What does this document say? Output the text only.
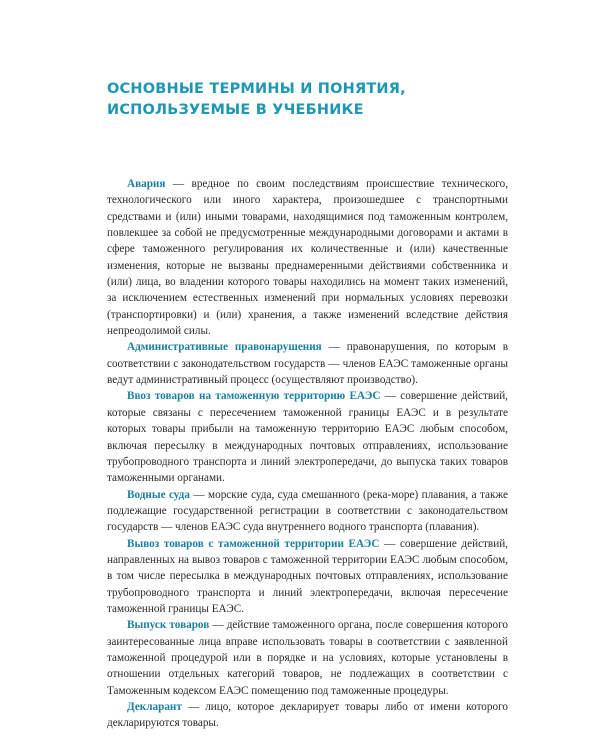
ОСНОВНЫЕ ТЕРМИНЫ И ПОНЯТИЯ,
ИСПОЛЬЗУЕМЫЕ В УЧЕБНИКЕ

Авария — вредное по своим последствиям происшествие технического, технологического или иного характера, произошедшее с транспортными средствами и (или) иными товарами, находящимися под таможенным контролем, повлекшее за собой не предусмотренные международными договорами и актами в сфере таможенного регулирования их количественные и (или) качественные изменения, которые не вызваны преднамеренными действиями собственника и (или) лица, во владении которого товары находились на момент таких изменений, за исключением естественных изменений при нормальных условиях перевозки (транспортировки) и (или) хранения, а также изменений вследствие действия непреодолимой силы.

Административные правонарушения — правонарушения, по которым в соответствии с законодательством государств — членов ЕАЭС таможенные органы ведут административный процесс (осуществляют производство).

Ввоз товаров на таможенную территорию ЕАЭС — совершение действий, которые связаны с пересечением таможенной границы ЕАЭС и в результате которых товары прибыли на таможенную территорию ЕАЭС любым способом, включая пересылку в международных почтовых отправлениях, использование трубопроводного транспорта и линий электропередачи, до выпуска таких товаров таможенными органами.

Водные суда — морские суда, суда смешанного (река-море) плавания, а также подлежащие государственной регистрации в соответствии с законодательством государств — членов ЕАЭС суда внутреннего водного транспорта (плавания).

Вывоз товаров с таможенной территории ЕАЭС — совершение действий, направленных на вывоз товаров с таможенной территории ЕАЭС любым способом, в том числе пересылка в международных почтовых отправлениях, использование трубопроводного транспорта и линий электропередачи, включая пересечение таможенной границы ЕАЭС.

Выпуск товаров — действие таможенного органа, после совершения которого заинтересованные лица вправе использовать товары в соответствии с заявленной таможенной процедурой или в порядке и на условиях, которые установлены в отношении отдельных категорий товаров, не подлежащих в соответствии с Таможенным кодексом ЕАЭС помещению под таможенные процедуры.

Декларант — лицо, которое декларирует товары либо от имени которого декларируются товары.
